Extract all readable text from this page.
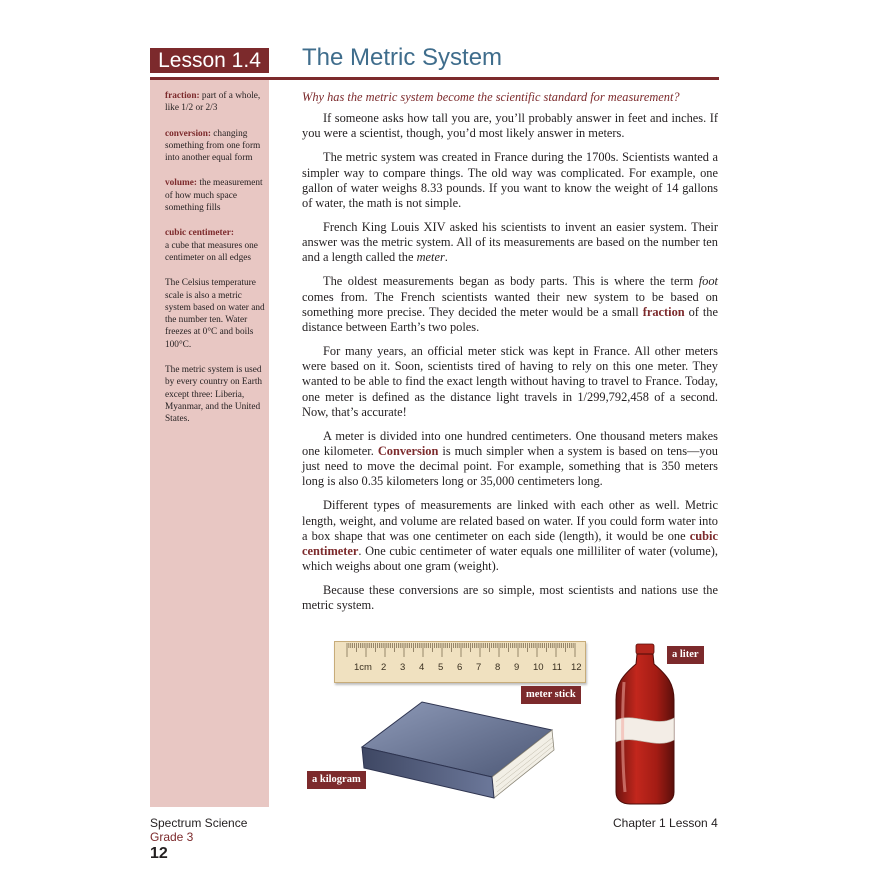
Lesson 1.4	The Metric System

fraction: part of a whole, like 1/2 or 2/3

conversion: changing something from one form into another equal form

volume: the measurement of how much space something fills

cubic centimeter:
a cube that measures one centimeter on all edges

The Celsius temperature scale is also a metric system based on water and the number ten. Water freezes at 0°C and boils 100°C.

The metric system is used by every country on Earth except three: Liberia, Myanmar, and the United States.

Why has the metric system become the scientific standard for measurement?

If someone asks how tall you are, you’ll probably answer in feet and inches. If you were a scientist, though, you’d most likely answer in meters.

The metric system was created in France during the 1700s. Scientists wanted a simpler way to compare things. The old way was complicated. For example, one gallon of water weighs 8.33 pounds. If you want to know the weight of 14 gallons of water, the math is not simple.

French King Louis XIV asked his scientists to invent an easier system. Their answer was the metric system. All of its measurements are based on the number ten and a length called the meter.

The oldest measurements began as body parts. This is where the term foot comes from. The French scientists wanted their new system to be based on something more precise. They decided the meter would be a small fraction of the distance between Earth’s two poles.

For many years, an official meter stick was kept in France. All other meters were based on it. Soon, scientists tired of having to rely on this one meter. They wanted to be able to find the exact length without having to travel to France. Today, one meter is defined as the distance light travels in 1/299,792,458 of a second. Now, that’s accurate!

A meter is divided into one hundred centimeters. One thousand meters makes one kilometer. Conversion is much simpler when a system is based on tens—you just need to move the decimal point. For example, something that is 350 meters long is also 0.35 kilometers long or 35,000 centimeters long.

Different types of measurements are linked with each other as well. Metric length, weight, and volume are related based on water. If you could form water into a box shape that was one centimeter on each side (length), it would be one cubic centimeter. One cubic centimeter of water equals one milliliter of water (volume), which weighs about one gram (weight).

Because these conversions are so simple, most scientists and nations use the metric system.

1cm 2 3 4 5 6 7 8 9 10 11 12
meter stick
a kilogram
a liter
Spectrum Science
Grade 3
12
Chapter 1 Lesson 4
